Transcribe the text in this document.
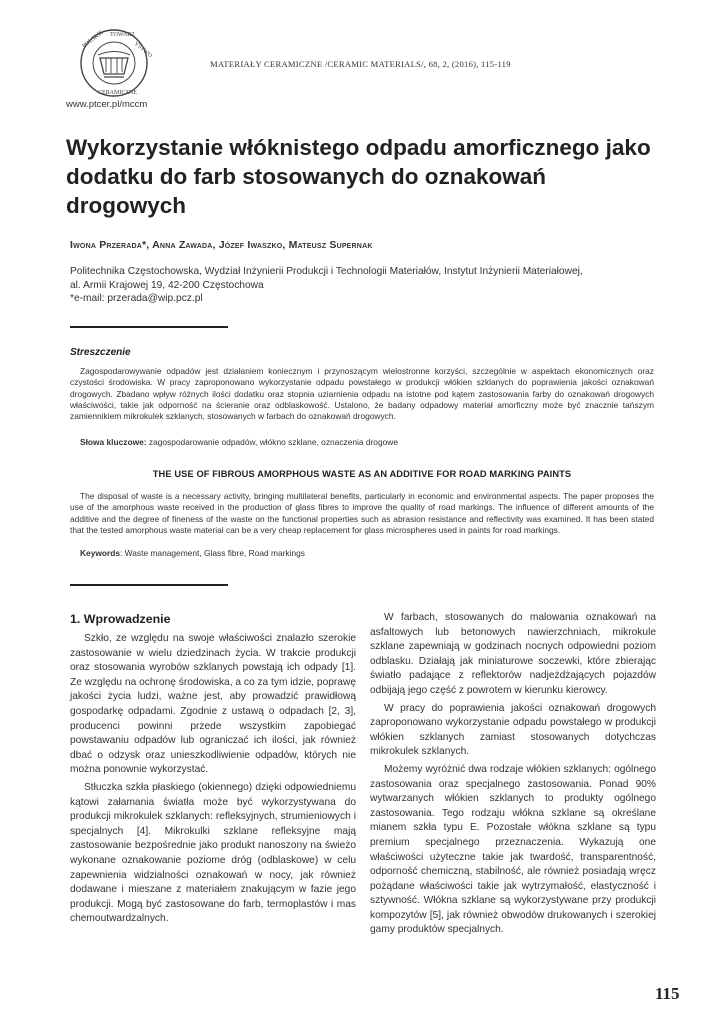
POLSKIE TOWARZ
YSTWO
CERAMICZNE
www.ptcer.pl/mccm
MATERIAŁY CERAMICZNE /CERAMIC MATERIALS/, 68, 2, (2016), 115-119
Wykorzystanie włóknistego odpadu amorficznego jako dodatku do farb stosowanych do oznakowań drogowych
Iwona Przerada*, Anna Zawada, Józef Iwaszko, Mateusz Supernak
Politechnika Częstochowska, Wydział Inżynierii Produkcji i Technologii Materiałów, Instytut Inżynierii Materiałowej,
al. Armii Krajowej 19, 42-200 Częstochowa
*e-mail: przerada@wip.pcz.pl
Streszczenie

Zagospodarowywanie odpadów jest działaniem koniecznym i przynoszącym wielostronne korzyści, szczególnie w aspektach ekonomicznych oraz czystości środowiska. W pracy zaproponowano wykorzystanie odpadu powstałego w produkcji włókien szklanych do poprawienia jakości oznakowań drogowych. Zbadano wpływ różnych ilości dodatku oraz stopnia uziarnienia odpadu na istotne pod kątem zastosowania farby do oznakowań drogowych właściwości, takie jak odporność na ścieranie oraz odblaskowość. Ustalono, że badany odpadowy materiał amorficzny może być znacznie tańszym zamiennikiem mikrokulek szklanych, stosowanych w farbach do oznakowań drogowych.

Słowa kluczowe: zagospodarowanie odpadów, włókno szklane, oznaczenia drogowe
THE USE OF FIBROUS AMORPHOUS WASTE AS AN ADDITIVE FOR ROAD MARKING PAINTS

The disposal of waste is a necessary activity, bringing multilateral benefits, particularly in economic and environmental aspects. The paper proposes the use of the amorphous waste received in the production of glass fibres to improve the quality of road markings. The influence of different amounts of the additive and the degree of fineness of the waste on the functional properties such as abrasion resistance and reflectivity was examined. It has been stated that the tested amorphous waste material can be a very cheap replacement for glass microspheres used in paints for road markings.

Keywords: Waste management, Glass fibre, Road markings
1. Wprowadzenie

Szkło, ze względu na swoje właściwości znalazło szerokie zastosowanie w wielu dziedzinach życia. W trakcie produkcji oraz stosowania wyrobów szklanych powstają ich odpady [1]. Ze względu na ochronę środowiska, a co za tym idzie, poprawę jakości życia ludzi, ważne jest, aby prowadzić prawidłową gospodarkę odpadami. Zgodnie z ustawą o odpadach [2, 3], producenci powinni przede wszystkim zapobiegać powstawaniu odpadów lub ograniczać ich ilości, jak również dbać o odzysk oraz unieszkodliwienie odpadów, których nie można ponownie wykorzystać.

Stłuczka szkła płaskiego (okiennego) dzięki odpowiedniemu kątowi załamania światła może być wykorzystywana do produkcji mikrokulek szklanych: refleksyjnych, strumieniowych i specjalnych [4]. Mikrokulki szklane refleksyjne mają zastosowanie bezpośrednie jako produkt nanoszony na świeżo wykonane oznakowanie poziome dróg (odblaskowe) w celu zapewnienia widzialności oznakowań w nocy, jak również dodawane i mieszane z materiałem znakującym w fazie jego produkcji. Mogą być zastosowane do farb, termoplastów i mas chemoutwardzalnych.

W farbach, stosowanych do malowania oznakowań na asfaltowych lub betonowych nawierzchniach, mikrokule szklane zapewniają w godzinach nocnych odpowiedni poziom odblasku. Działają jak miniaturowe soczewki, które zbierając światło padające z reflektorów nadjeżdżających pojazdów odbijają jego część z powrotem w kierunku kierowcy.

W pracy do poprawienia jakości oznakowań drogowych zaproponowano wykorzystanie odpadu powstałego w produkcji włókien szklanych zamiast stosowanych dotychczas mikrokulek szklanych.

Możemy wyróżnić dwa rodzaje włókien szklanych: ogólnego zastosowania oraz specjalnego zastosowania. Ponad 90% wytwarzanych włókien szklanych to produkty ogólnego zastosowania. Tego rodzaju włókna szklane są określane mianem szkła typu E. Pozostałe włókna szklane są typu premium specjalnego przeznaczenia. Wykazują one właściwości użyteczne takie jak twardość, transparentność, odporność chemiczną, stabilność, ale również posiadają wręcz pożądane właściwości takie jak wytrzymałość, elastyczność i sztywność. Włókna szklane są wykorzystywane przy produkcji kompozytów [5], jak również obwodów drukowanych i szerokiej gamy produktów specjalnych.

115
